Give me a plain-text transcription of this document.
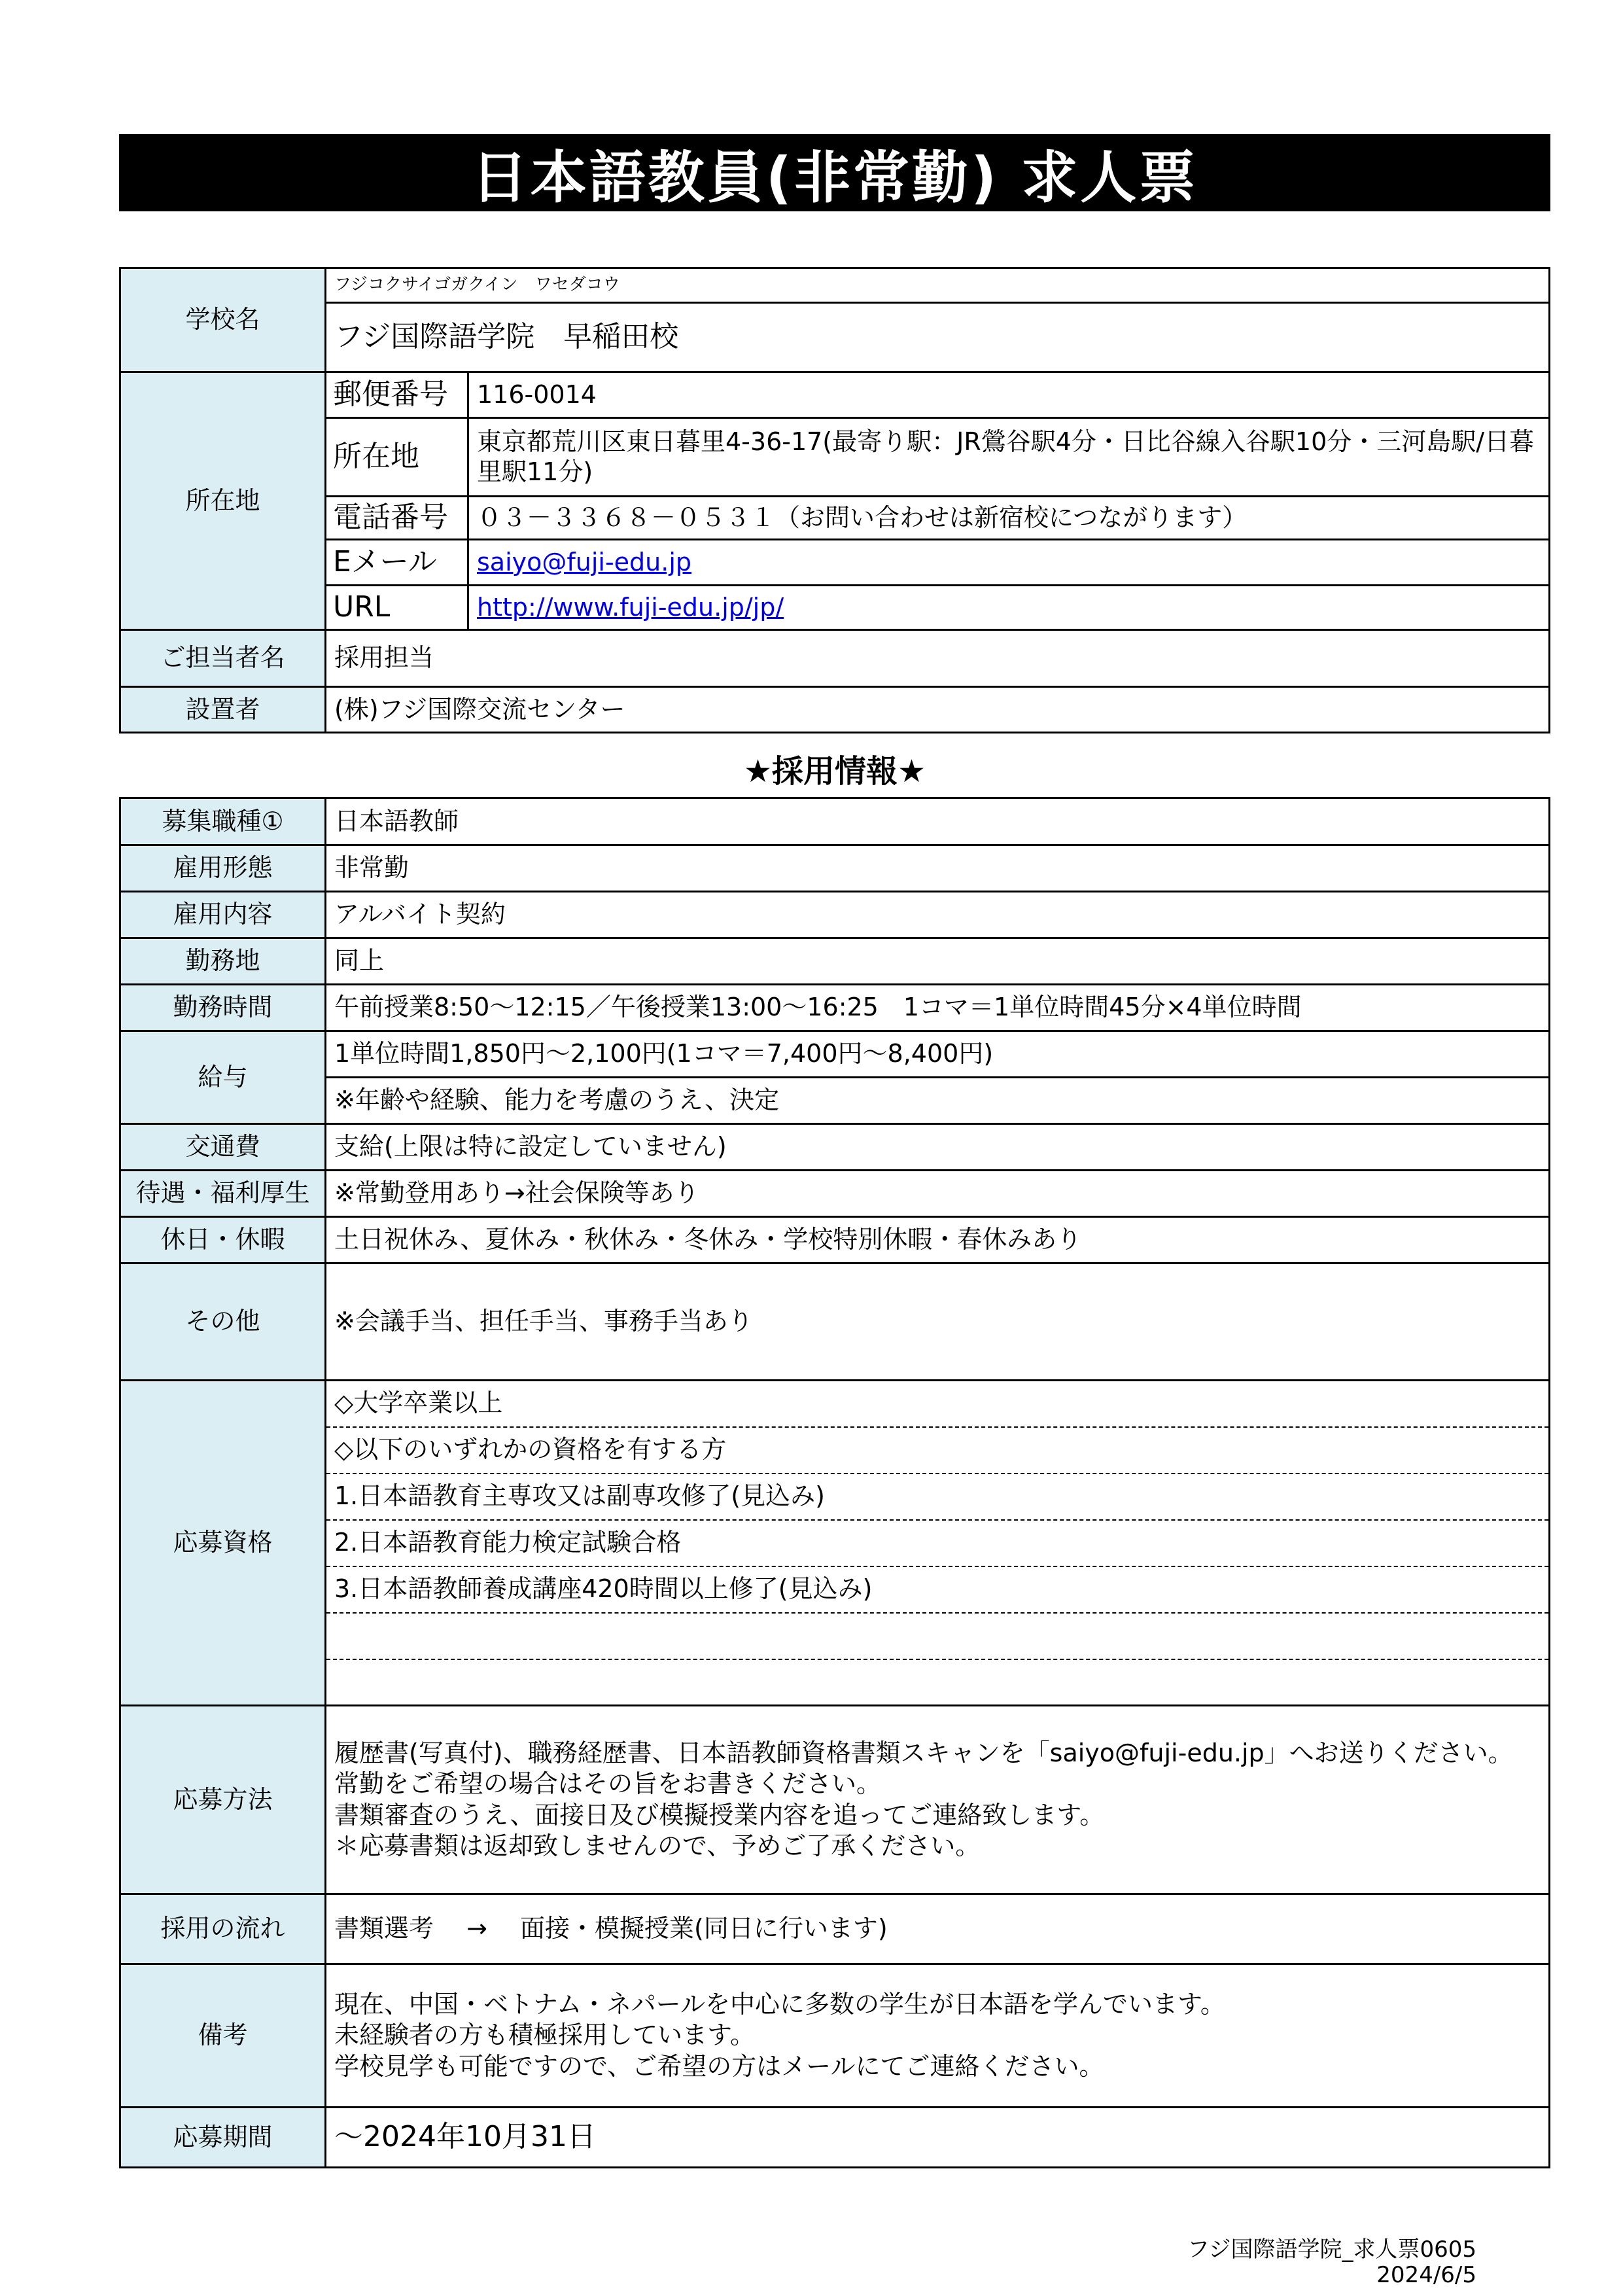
日本語教員(非常勤) 求人票
学校名	フジコクサイゴガクイン　ワセダコウ	
	フジ国際語学院　早稲田校	
所在地	郵便番号	116-0014
	所在地	東京都荒川区東日暮里4-36-17(最寄り駅：JR鶯谷駅4分・日比谷線入谷駅10分・三河島駅/日暮里駅11分)
	電話番号	０３－３３６８－０５３１（お問い合わせは新宿校につながります）
	Eメール	saiyo@fuji-edu.jp
	URL	http://www.fuji-edu.jp/jp/
ご担当者名	採用担当	
設置者	(株)フジ国際交流センター	
★採用情報★
募集職種①	日本語教師
雇用形態	非常勤
雇用内容	アルバイト契約
勤務地	同上
勤務時間	午前授業8:50～12:15／午後授業13:00～16:25　1コマ＝1単位時間45分×4単位時間
給与	1単位時間1,850円～2,100円(1コマ＝7,400円～8,400円)
	※年齢や経験、能力を考慮のうえ、決定
交通費	支給(上限は特に設定していません)
待遇・福利厚生	※常勤登用あり→社会保険等あり
休日・休暇	土日祝休み、夏休み・秋休み・冬休み・学校特別休暇・春休みあり
その他	※会議手当、担任手当、事務手当あり
応募資格	◇大学卒業以上
	◇以下のいずれかの資格を有する方
	1.日本語教育主専攻又は副専攻修了(見込み)
	2.日本語教育能力検定試験合格
	3.日本語教師養成講座420時間以上修了(見込み)

応募方法	履歴書(写真付)、職務経歴書、日本語教師資格書類スキャンを「saiyo@fuji-edu.jp」へお送りください。
常勤をご希望の場合はその旨をお書きください。
書類審査のうえ、面接日及び模擬授業内容を追ってご連絡致します。
＊応募書類は返却致しませんので、予めご了承ください。

採用の流れ	書類選考　 →　 面接・模擬授業(同日に行います)
備考	現在、中国・ベトナム・ネパールを中心に多数の学生が日本語を学んでいます。
未経験者の方も積極採用しています。
学校見学も可能ですので、ご希望の方はメールにてご連絡ください。

応募期間	～2024年10月31日
フジ国際語学院_求人票0605
2024/6/5
